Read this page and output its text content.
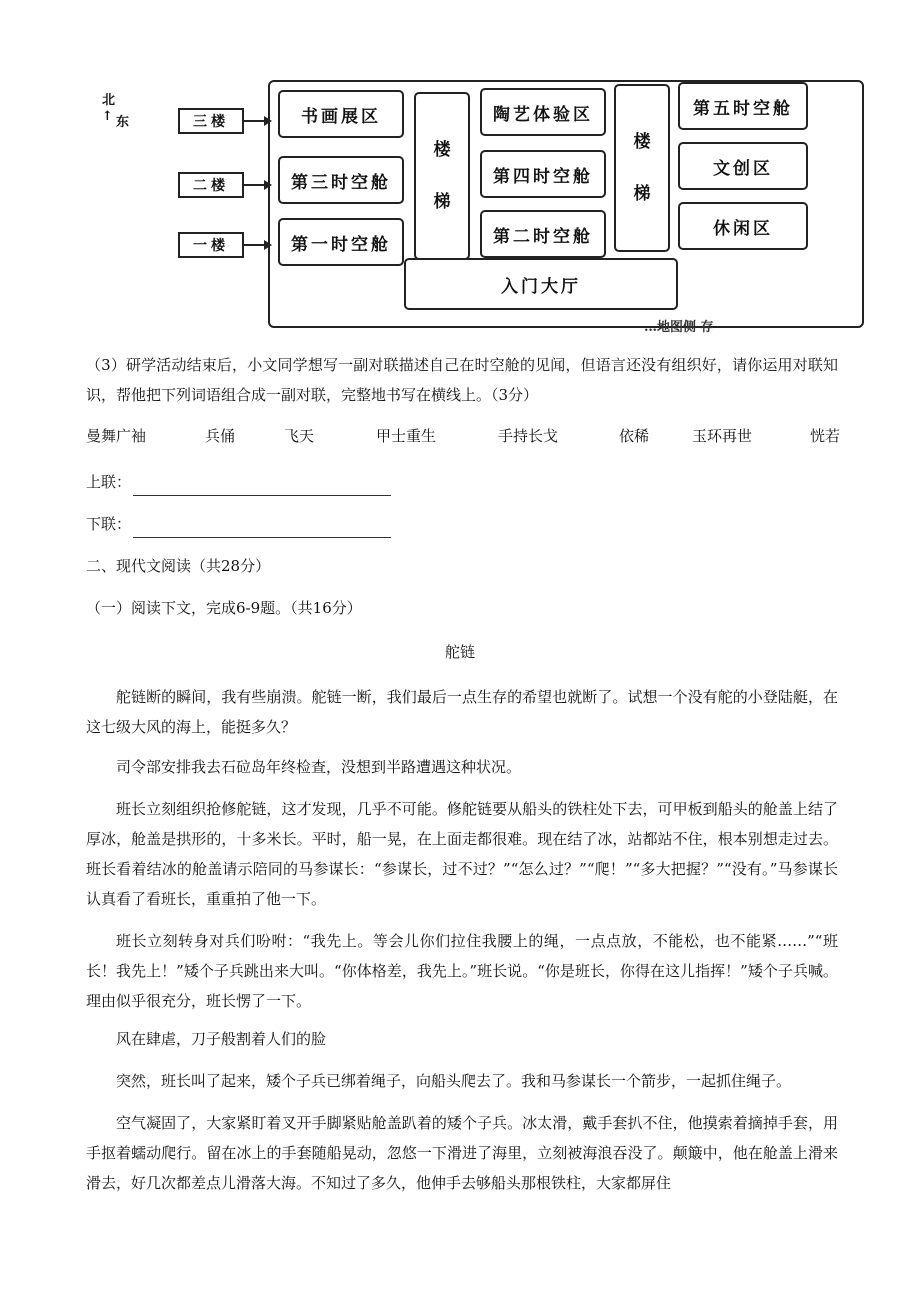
北
↑ 东	三楼
二楼
一楼
书画展区
第三时空舱
第一时空舱
楼
梯
陶艺体验区
第四时空舱
第二时空舱
楼
梯
第五时空舱
文创区
休闲区
入门大厅
…地图侧 存
（3）研学活动结束后，小文同学想写一副对联描述自己在时空舱的见闻，但语言还没有组织好，请你运用对联知识，帮他把下列词语组合成一副对联，完整地书写在横线上。（3分）
曼舞广袖	兵俑	飞天	甲士重生	手持长戈	依稀	玉环再世	恍若
上联：
下联：
二、现代文阅读（共28分）
（一）阅读下文，完成6-9题。（共16分）
舵链
舵链断的瞬间，我有些崩溃。舵链一断，我们最后一点生存的希望也就断了。试想一个没有舵的小登陆艇，在这七级大风的海上，能挺多久？
司令部安排我去石砬岛年终检查，没想到半路遭遇这种状况。
班长立刻组织抢修舵链，这才发现，几乎不可能。修舵链要从船头的铁柱处下去，可甲板到船头的舱盖上结了厚冰，舱盖是拱形的，十多米长。平时，船一晃，在上面走都很难。现在结了冰，站都站不住，根本别想走过去。班长看着结冰的舱盖请示陪同的马参谋长：“参谋长，过不过？”“怎么过？”“爬！”“多大把握？”“没有。”马参谋长认真看了看班长，重重拍了他一下。
班长立刻转身对兵们吩咐：“我先上。等会儿你们拉住我腰上的绳，一点点放，不能松，也不能紧……”“班长！我先上！”矮个子兵跳出来大叫。“你体格差，我先上。”班长说。“你是班长，你得在这儿指挥！”矮个子兵喊。理由似乎很充分，班长愣了一下。
风在肆虐，刀子般割着人们的脸
突然，班长叫了起来，矮个子兵已绑着绳子，向船头爬去了。我和马参谋长一个箭步，一起抓住绳子。
空气凝固了，大家紧盯着叉开手脚紧贴舱盖趴着的矮个子兵。冰太滑，戴手套扒不住，他摸索着摘掉手套，用手抠着蠕动爬行。留在冰上的手套随船晃动，忽悠一下滑进了海里，立刻被海浪吞没了。颠簸中，他在舱盖上滑来滑去，好几次都差点儿滑落大海。不知过了多久，他伸手去够船头那根铁柱，大家都屏住
